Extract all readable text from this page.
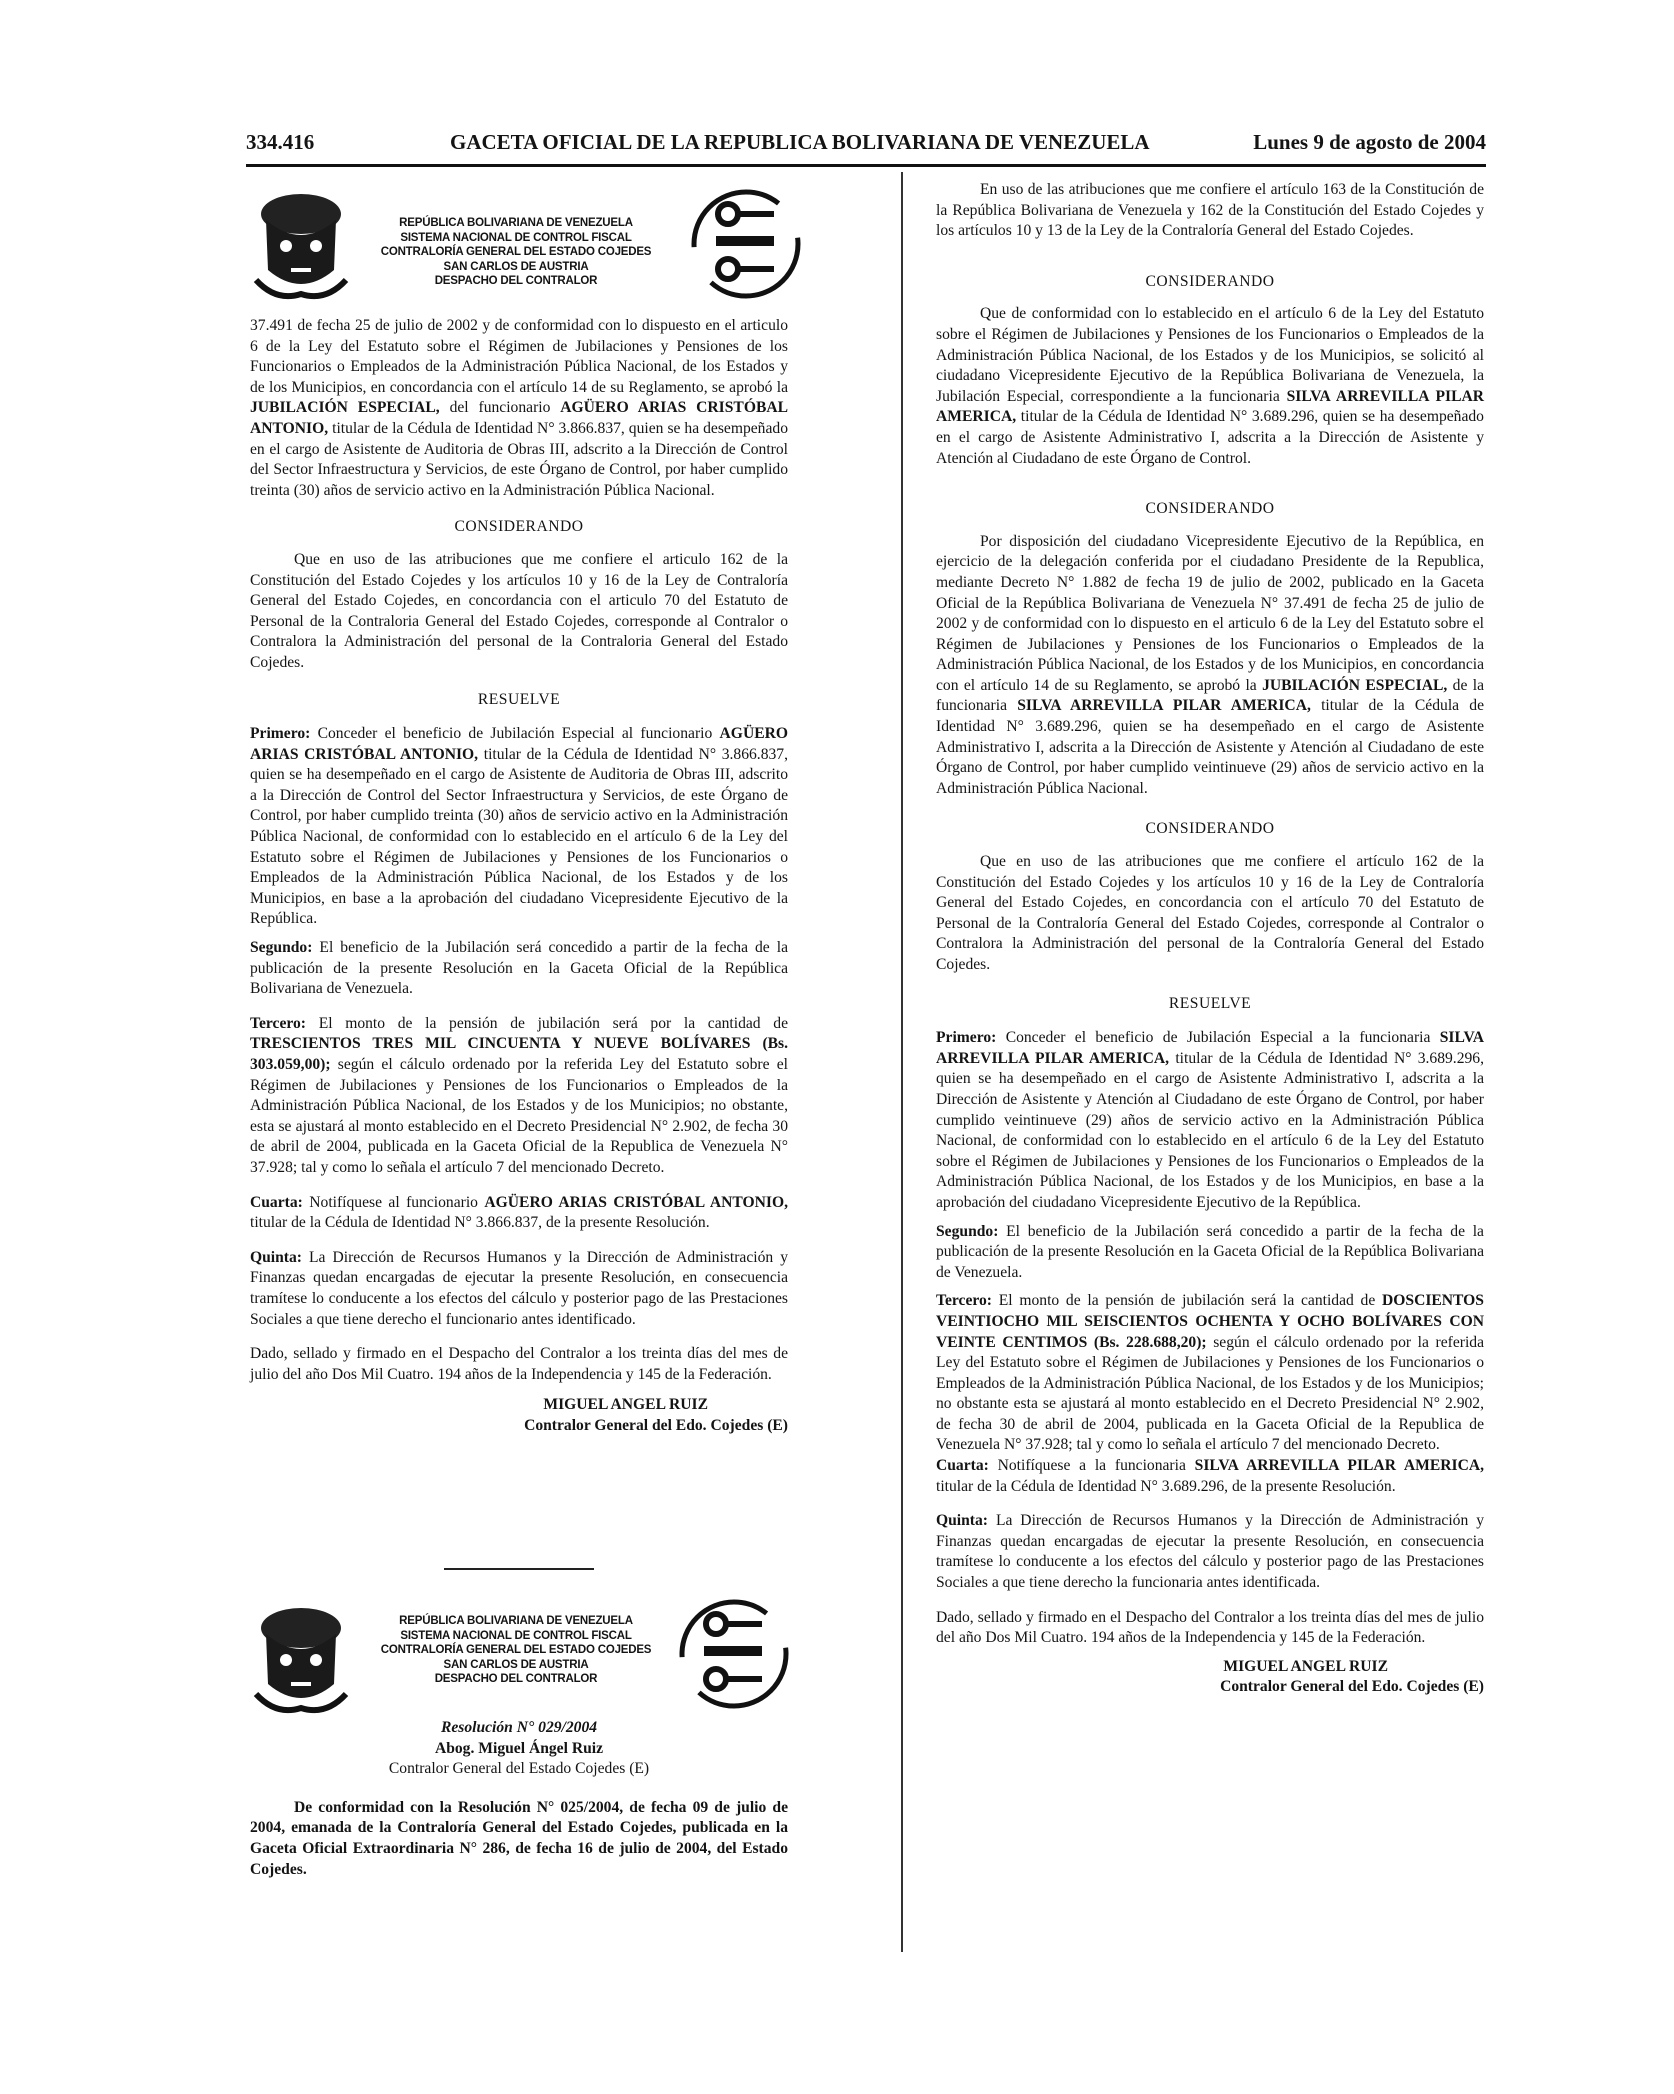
334.416	GACETA OFICIAL DE LA REPUBLICA BOLIVARIANA DE VENEZUELA	Lunes 9 de agosto de 2004
REPÚBLICA BOLIVARIANA DE VENEZUELA
SISTEMA NACIONAL DE CONTROL FISCAL
CONTRALORÍA GENERAL DEL ESTADO COJEDES
SAN CARLOS DE AUSTRIA
DESPACHO DEL CONTRALOR

37.491 de fecha 25 de julio de 2002 y de conformidad con lo dispuesto en el articulo 6 de la Ley del Estatuto sobre el Régimen de Jubilaciones y Pensiones de los Funcionarios o Empleados de la Administración Pública Nacional, de los Estados y de los Municipios, en concordancia con el artículo 14 de su Reglamento, se aprobó la JUBILACIÓN ESPECIAL, del funcionario AGÜERO ARIAS CRISTÓBAL ANTONIO, titular de la Cédula de Identidad N° 3.866.837, quien se ha desempeñado en el cargo de Asistente de Auditoria de Obras III, adscrito a la Dirección de Control del Sector Infraestructura y Servicios, de este Órgano de Control, por haber cumplido treinta (30) años de servicio activo en la Administración Pública Nacional.

CONSIDERANDO

Que en uso de las atribuciones que me confiere el articulo 162 de la Constitución del Estado Cojedes y los artículos 10 y 16 de la Ley de Contraloría General del Estado Cojedes, en concordancia con el articulo 70 del Estatuto de Personal de la Contraloria General del Estado Cojedes, corresponde al Contralor o Contralora la Administración del personal de la Contraloria General del Estado Cojedes.

RESUELVE

Primero: Conceder el beneficio de Jubilación Especial al funcionario AGÜERO ARIAS CRISTÓBAL ANTONIO, titular de la Cédula de Identidad N° 3.866.837, quien se ha desempeñado en el cargo de Asistente de Auditoria de Obras III, adscrito a la Dirección de Control del Sector Infraestructura y Servicios, de este Órgano de Control, por haber cumplido treinta (30) años de servicio activo en la Administración Pública Nacional, de conformidad con lo establecido en el artículo 6 de la Ley del Estatuto sobre el Régimen de Jubilaciones y Pensiones de los Funcionarios o Empleados de la Administración Pública Nacional, de los Estados y de los Municipios, en base a la aprobación del ciudadano Vicepresidente Ejecutivo de la República.

Segundo: El beneficio de la Jubilación será concedido a partir de la fecha de la publicación de la presente Resolución en la Gaceta Oficial de la República Bolivariana de Venezuela.

Tercero: El monto de la pensión de jubilación será por la cantidad de TRESCIENTOS TRES MIL CINCUENTA Y NUEVE BOLÍVARES (Bs. 303.059,00); según el cálculo ordenado por la referida Ley del Estatuto sobre el Régimen de Jubilaciones y Pensiones de los Funcionarios o Empleados de la Administración Pública Nacional, de los Estados y de los Municipios; no obstante, esta se ajustará al monto establecido en el Decreto Presidencial N° 2.902, de fecha 30 de abril de 2004, publicada en la Gaceta Oficial de la Republica de Venezuela N° 37.928; tal y como lo señala el artículo 7 del mencionado Decreto.

Cuarta: Notifíquese al funcionario AGÜERO ARIAS CRISTÓBAL ANTONIO, titular de la Cédula de Identidad N° 3.866.837, de la presente Resolución.

Quinta: La Dirección de Recursos Humanos y la Dirección de Administración y Finanzas quedan encargadas de ejecutar la presente Resolución, en consecuencia tramítese lo conducente a los efectos del cálculo y posterior pago de las Prestaciones Sociales a que tiene derecho el funcionario antes identificado.

Dado, sellado y firmado en el Despacho del Contralor a los treinta días del mes de julio del año Dos Mil Cuatro. 194 años de la Independencia y 145 de la Federación.

MIGUEL ANGEL RUIZ
Contralor General del Edo. Cojedes (E)
REPÚBLICA BOLIVARIANA DE VENEZUELA
SISTEMA NACIONAL DE CONTROL FISCAL
CONTRALORÍA GENERAL DEL ESTADO COJEDES
SAN CARLOS DE AUSTRIA
DESPACHO DEL CONTRALOR
Resolución N° 029/2004
Abog. Miguel Ángel Ruiz
Contralor General del Estado Cojedes (E)

De conformidad con la Resolución N° 025/2004, de fecha 09 de julio de 2004, emanada de la Contraloría General del Estado Cojedes, publicada en la Gaceta Oficial Extraordinaria N° 286, de fecha 16 de julio de 2004, del Estado Cojedes.

En uso de las atribuciones que me confiere el artículo 163 de la Constitución de la República Bolivariana de Venezuela y 162 de la Constitución del Estado Cojedes y los artículos 10 y 13 de la Ley de la Contraloría General del Estado Cojedes.

CONSIDERANDO

Que de conformidad con lo establecido en el artículo 6 de la Ley del Estatuto sobre el Régimen de Jubilaciones y Pensiones de los Funcionarios o Empleados de la Administración Pública Nacional, de los Estados y de los Municipios, se solicitó al ciudadano Vicepresidente Ejecutivo de la República Bolivariana de Venezuela, la Jubilación Especial, correspondiente a la funcionaria SILVA ARREVILLA PILAR AMERICA, titular de la Cédula de Identidad N° 3.689.296, quien se ha desempeñado en el cargo de Asistente Administrativo I, adscrita a la Dirección de Asistente y Atención al Ciudadano de este Órgano de Control.

CONSIDERANDO

Por disposición del ciudadano Vicepresidente Ejecutivo de la República, en ejercicio de la delegación conferida por el ciudadano Presidente de la Republica, mediante Decreto N° 1.882 de fecha 19 de julio de 2002, publicado en la Gaceta Oficial de la República Bolivariana de Venezuela N° 37.491 de fecha 25 de julio de 2002 y de conformidad con lo dispuesto en el articulo 6 de la Ley del Estatuto sobre el Régimen de Jubilaciones y Pensiones de los Funcionarios o Empleados de la Administración Pública Nacional, de los Estados y de los Municipios, en concordancia con el artículo 14 de su Reglamento, se aprobó la JUBILACIÓN ESPECIAL, de la funcionaria SILVA ARREVILLA PILAR AMERICA, titular de la Cédula de Identidad N° 3.689.296, quien se ha desempeñado en el cargo de Asistente Administrativo I, adscrita a la Dirección de Asistente y Atención al Ciudadano de este Órgano de Control, por haber cumplido veintinueve (29) años de servicio activo en la Administración Pública Nacional.

CONSIDERANDO

Que en uso de las atribuciones que me confiere el artículo 162 de la Constitución del Estado Cojedes y los artículos 10 y 16 de la Ley de Contraloría General del Estado Cojedes, en concordancia con el artículo 70 del Estatuto de Personal de la Contraloría General del Estado Cojedes, corresponde al Contralor o Contralora la Administración del personal de la Contraloría General del Estado Cojedes.

RESUELVE

Primero: Conceder el beneficio de Jubilación Especial a la funcionaria SILVA ARREVILLA PILAR AMERICA, titular de la Cédula de Identidad N° 3.689.296, quien se ha desempeñado en el cargo de Asistente Administrativo I, adscrita a la Dirección de Asistente y Atención al Ciudadano de este Órgano de Control, por haber cumplido veintinueve (29) años de servicio activo en la Administración Pública Nacional, de conformidad con lo establecido en el artículo 6 de la Ley del Estatuto sobre el Régimen de Jubilaciones y Pensiones de los Funcionarios o Empleados de la Administración Pública Nacional, de los Estados y de los Municipios, en base a la aprobación del ciudadano Vicepresidente Ejecutivo de la República.

Segundo: El beneficio de la Jubilación será concedido a partir de la fecha de la publicación de la presente Resolución en la Gaceta Oficial de la República Bolivariana de Venezuela.

Tercero: El monto de la pensión de jubilación será la cantidad de DOSCIENTOS VEINTIOCHO MIL SEISCIENTOS OCHENTA Y OCHO BOLÍVARES CON VEINTE CENTIMOS (Bs. 228.688,20); según el cálculo ordenado por la referida Ley del Estatuto sobre el Régimen de Jubilaciones y Pensiones de los Funcionarios o Empleados de la Administración Pública Nacional, de los Estados y de los Municipios; no obstante esta se ajustará al monto establecido en el Decreto Presidencial N° 2.902, de fecha 30 de abril de 2004, publicada en la Gaceta Oficial de la Republica de Venezuela N° 37.928; tal y como lo señala el artículo 7 del mencionado Decreto.

Cuarta: Notifíquese a la funcionaria SILVA ARREVILLA PILAR AMERICA, titular de la Cédula de Identidad N° 3.689.296, de la presente Resolución.

Quinta: La Dirección de Recursos Humanos y la Dirección de Administración y Finanzas quedan encargadas de ejecutar la presente Resolución, en consecuencia tramítese lo conducente a los efectos del cálculo y posterior pago de las Prestaciones Sociales a que tiene derecho la funcionaria antes identificada.

Dado, sellado y firmado en el Despacho del Contralor a los treinta días del mes de julio del año Dos Mil Cuatro. 194 años de la Independencia y 145 de la Federación.

MIGUEL ANGEL RUIZ
Contralor General del Edo. Cojedes (E)
